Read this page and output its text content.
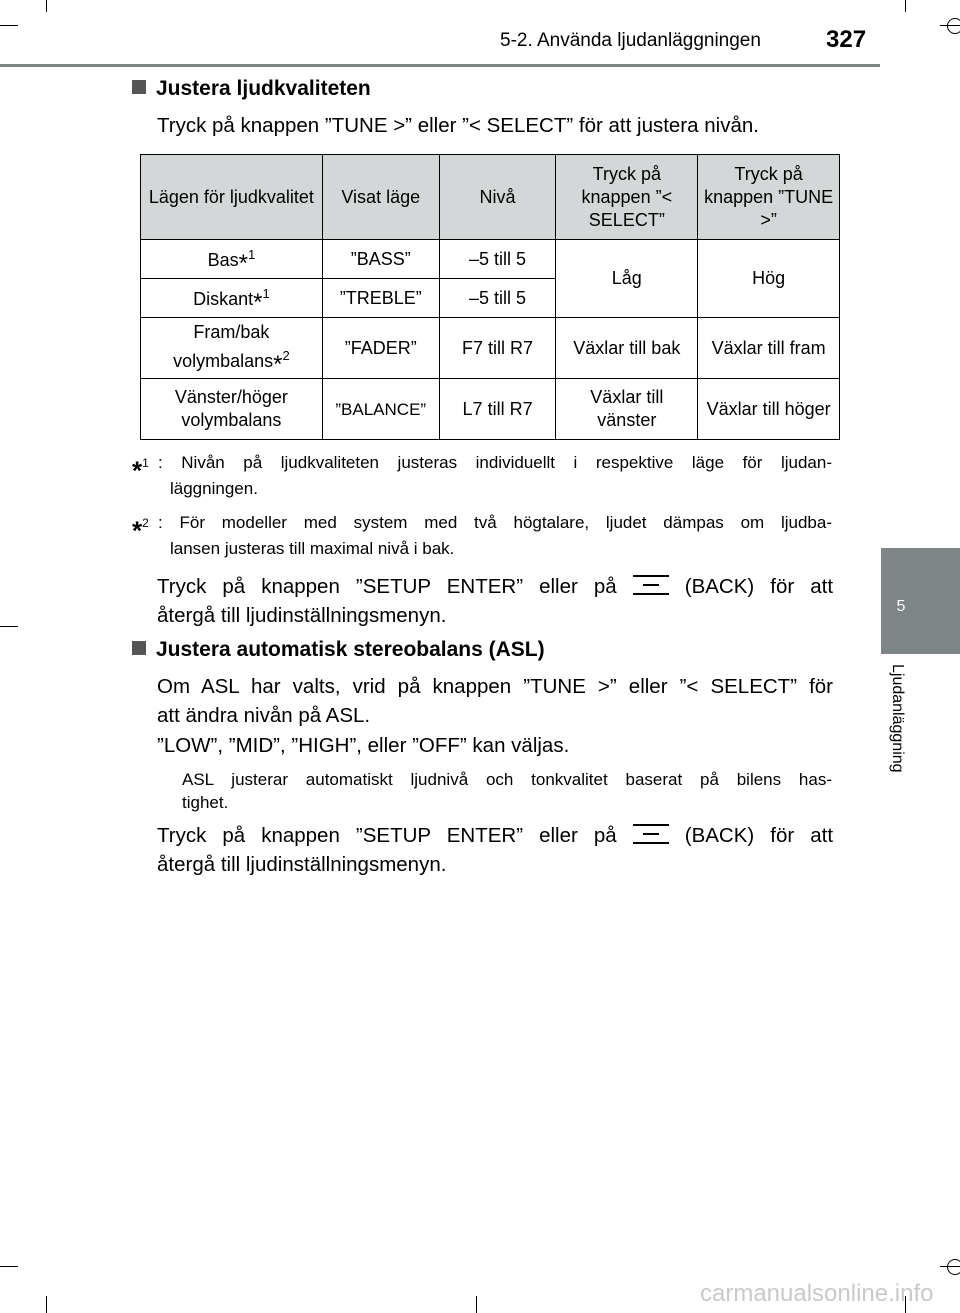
5-2. Använda ljudanläggningen	327
5
Ljudanläggning
Justera ljudkvaliteten
Tryck på knappen ”TUNE >” eller ”< SELECT” för att justera nivån.
Lägen för ljudkvalitet	Visat läge	Nivå	Tryck på knappen ”< SELECT”	Tryck på knappen ”TUNE >”
Bas*$^1$	”BASS”	–5 till 5	Låg	Hög
Diskant*$^1$	”TREBLE”	–5 till 5		
Fram/bak
volymbalans*$^2$	”FADER”	F7 till R7	Växlar till bak	Växlar till fram
Vänster/höger volymbalans	”BALANCE”	L7 till R7	Växlar till vänster	Växlar till höger
*$^1$ : Nivån på ljudkvaliteten justeras individuellt i respektive läge för ljudan-
läggningen.
*$^2$ : För modeller med system med två högtalare, ljudet dämpas om ljudba-
lansen justeras till maximal nivå i bak.
Tryck på knappen ”SETUP ENTER” eller på	(BACK) för att
återgå till ljudinställningsmenyn.
Justera automatisk stereobalans (ASL)
Om ASL har valts, vrid på knappen ”TUNE >” eller ”< SELECT” för
att ändra nivån på ASL.
”LOW”, ”MID”, ”HIGH”, eller ”OFF” kan väljas.
ASL justerar automatiskt ljudnivå och tonkvalitet baserat på bilens has-
tighet.
Tryck på knappen ”SETUP ENTER” eller på	(BACK) för att
återgå till ljudinställningsmenyn.
carmanualsonline.info
